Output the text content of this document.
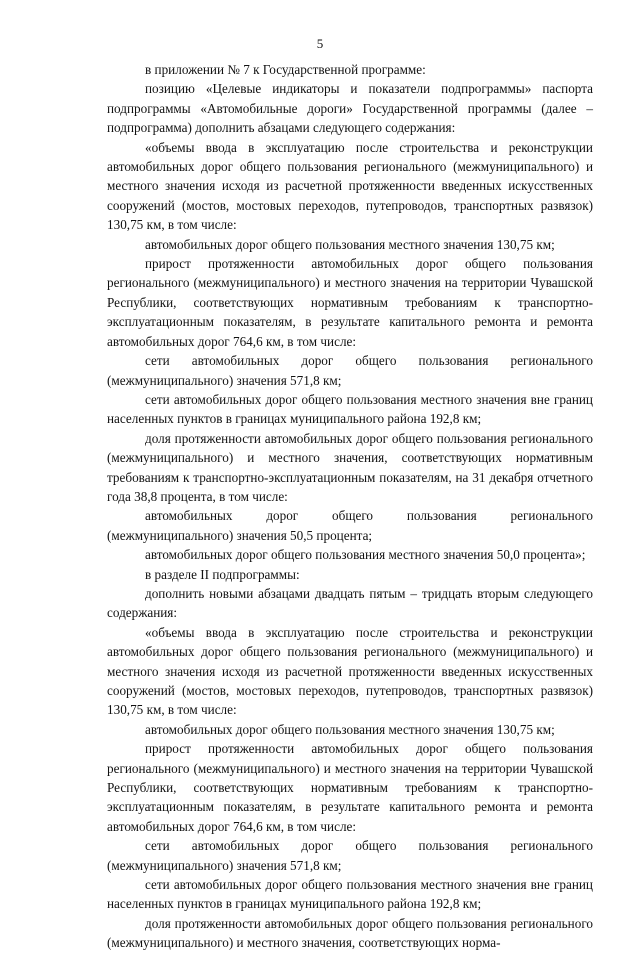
5

в приложении № 7 к Государственной программе:

позицию «Целевые индикаторы и показатели подпрограммы» паспорта подпрограммы «Автомобильные дороги» Государственной программы (далее – подпрограмма) дополнить абзацами следующего содержания:

«объемы ввода в эксплуатацию после строительства и реконструкции автомобильных дорог общего пользования регионального (межмуниципального) и местного значения исходя из расчетной протяженности введенных искусственных сооружений (мостов, мостовых переходов, путепроводов, транспортных развязок) 130,75 км, в том числе:

автомобильных дорог общего пользования местного значения 130,75 км;

прирост протяженности автомобильных дорог общего пользования регионального (межмуниципального) и местного значения на территории Чувашской Республики, соответствующих нормативным требованиям к транспортно-эксплуатационным показателям, в результате капитального ремонта и ремонта автомобильных дорог 764,6 км, в том числе:

сети автомобильных дорог общего пользования регионального (межмуниципального) значения 571,8 км;

сети автомобильных дорог общего пользования местного значения вне границ населенных пунктов в границах муниципального района 192,8 км;

доля протяженности автомобильных дорог общего пользования регионального (межмуниципального) и местного значения, соответствующих нормативным требованиям к транспортно-эксплуатационным показателям, на 31 декабря отчетного года 38,8 процента, в том числе:

автомобильных дорог общего пользования регионального (межмуниципального) значения 50,5 процента;

автомобильных дорог общего пользования местного значения 50,0 процента»;

в разделе II подпрограммы:

дополнить новыми абзацами двадцать пятым – тридцать вторым следующего содержания:

«объемы ввода в эксплуатацию после строительства и реконструкции автомобильных дорог общего пользования регионального (межмуниципального) и местного значения исходя из расчетной протяженности введенных искусственных сооружений (мостов, мостовых переходов, путепроводов, транспортных развязок) 130,75 км, в том числе:

автомобильных дорог общего пользования местного значения 130,75 км;

прирост протяженности автомобильных дорог общего пользования регионального (межмуниципального) и местного значения на территории Чувашской Республики, соответствующих нормативным требованиям к транспортно-эксплуатационным показателям, в результате капитального ремонта и ремонта автомобильных дорог 764,6 км, в том числе:

сети автомобильных дорог общего пользования регионального (межмуниципального) значения 571,8 км;

сети автомобильных дорог общего пользования местного значения вне границ населенных пунктов в границах муниципального района 192,8 км;

доля протяженности автомобильных дорог общего пользования регионального (межмуниципального) и местного значения, соответствующих норма-
